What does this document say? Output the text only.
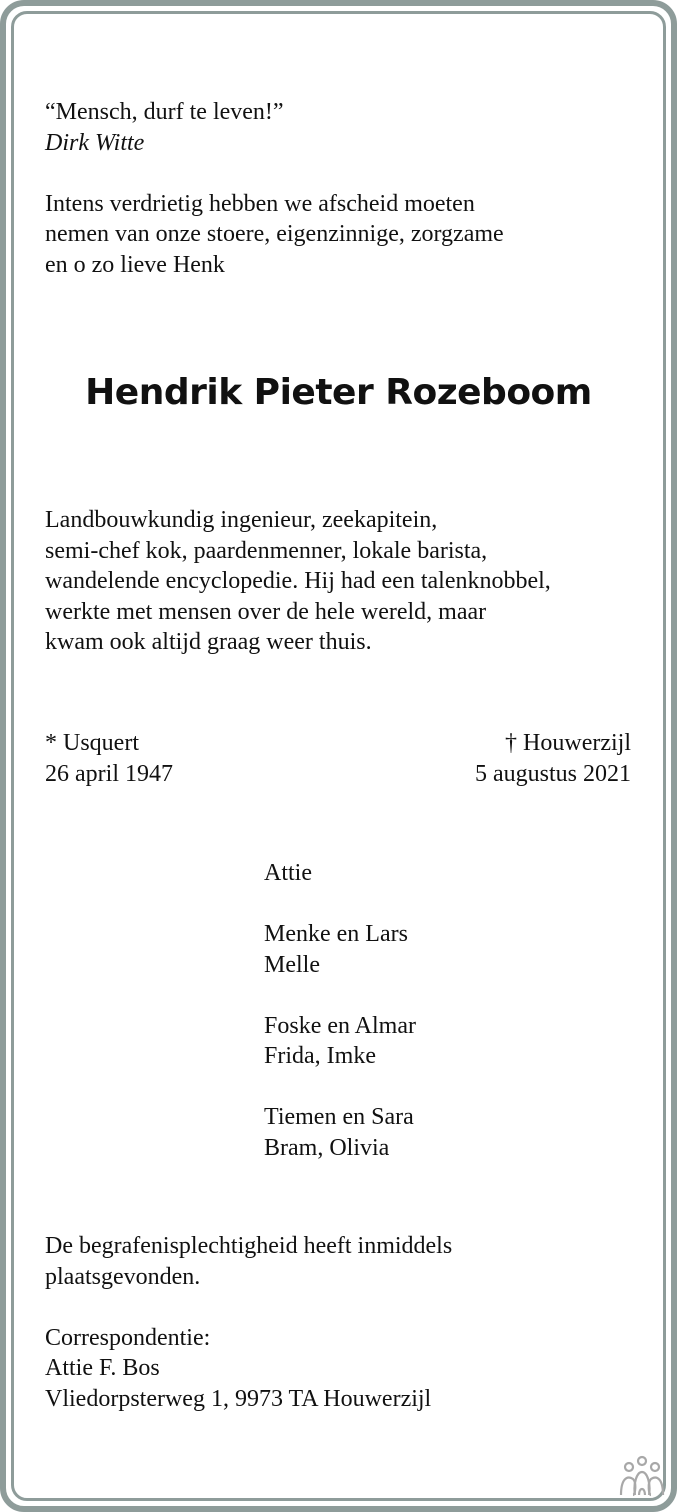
“Mensch, durf te leven!”
Dirk Witte
Intens verdrietig hebben we afscheid moeten
nemen van onze stoere, eigenzinnige, zorgzame
en o zo lieve Henk
Hendrik Pieter Rozeboom
Landbouwkundig ingenieur, zeekapitein,
semi-chef kok, paardenmenner, lokale barista,
wandelende encyclopedie. Hij had een talenknobbel,
werkte met mensen over de hele wereld, maar
kwam ook altijd graag weer thuis.
* Usquert
26 april 1947
† Houwerzijl
5 augustus 2021
Attie
Menke en Lars
Melle
Foske en Almar
Frida, Imke
Tiemen en Sara
Bram, Olivia
De begrafenisplechtigheid heeft inmiddels
plaatsgevonden.
Correspondentie:
Attie F. Bos
Vliedorpsterweg 1, 9973 TA Houwerzijl
